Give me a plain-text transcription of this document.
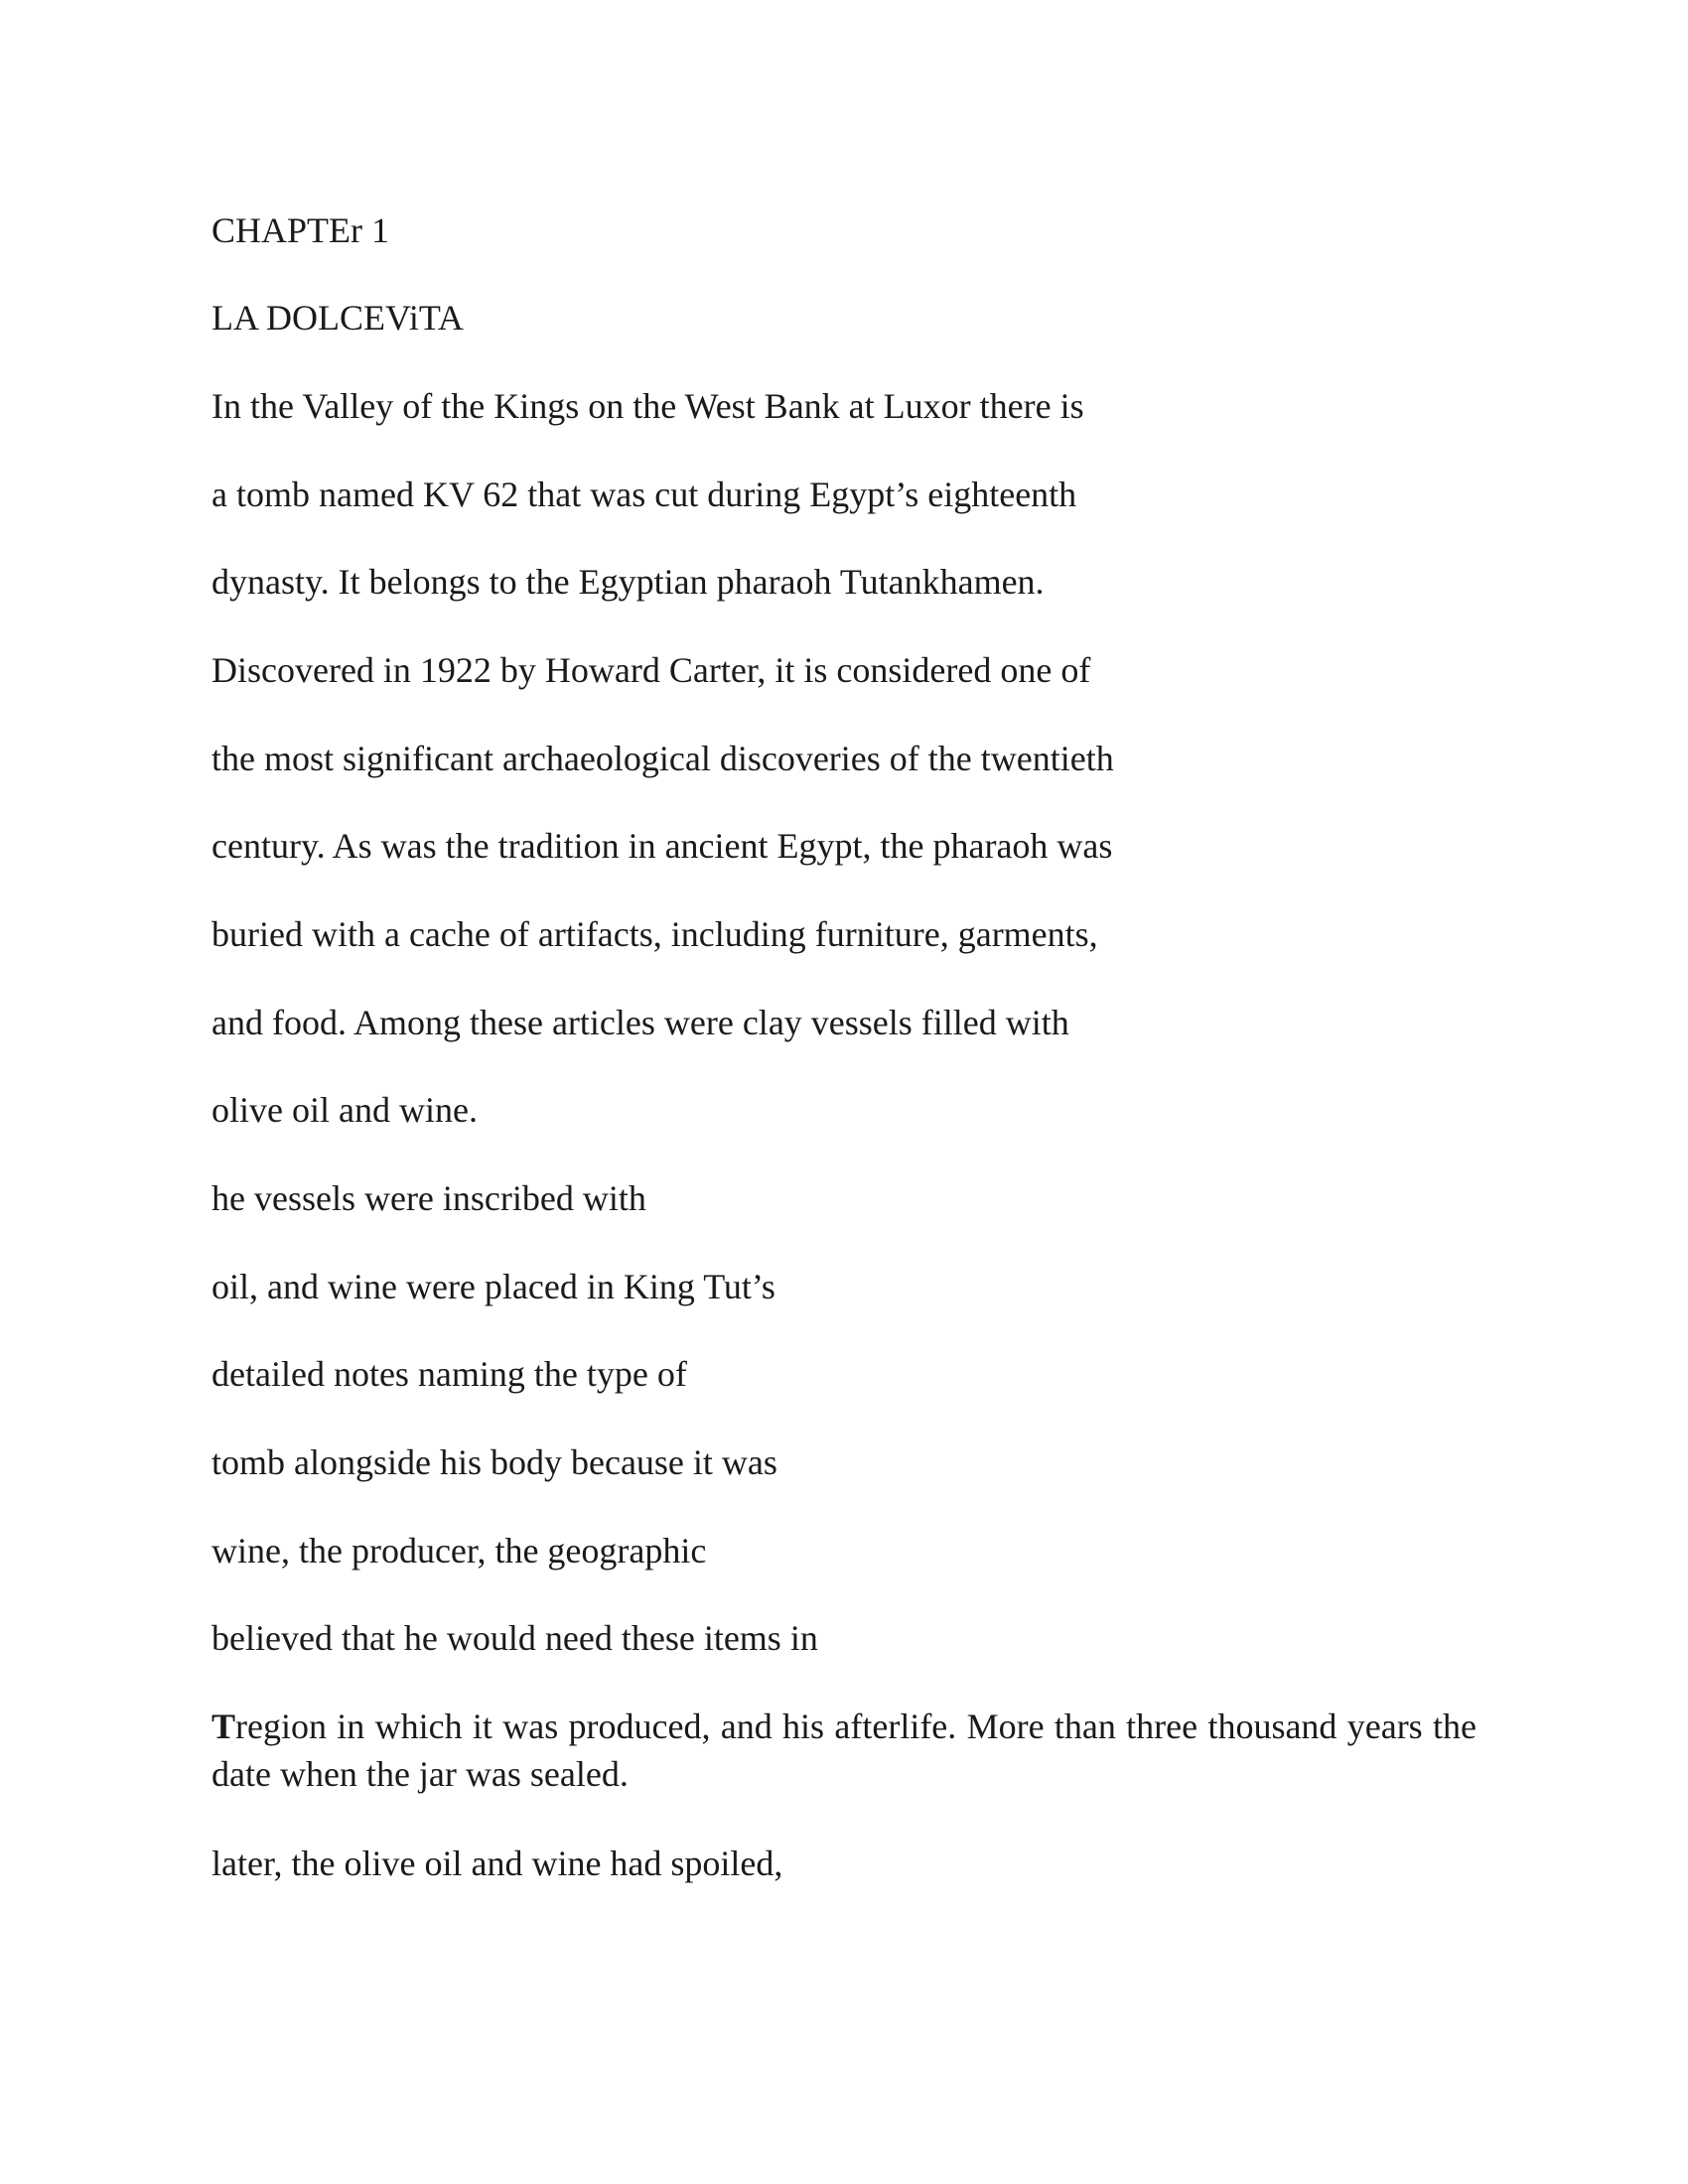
CHAPTEr 1

LA DOLCEViTA

In the Valley of the Kings on the West Bank at Luxor there is

a tomb named KV 62 that was cut during Egypt’s eighteenth

dynasty. It belongs to the Egyptian pharaoh Tutankhamen.

Discovered in 1922 by Howard Carter, it is considered one of

the most significant archaeological discoveries of the twentieth

century. As was the tradition in ancient Egypt, the pharaoh was

buried with a cache of artifacts, including furniture, garments,

and food. Among these articles were clay vessels filled with

olive oil and wine.

he vessels were inscribed with

oil, and wine were placed in King Tut’s

detailed notes naming the type of

tomb alongside his body because it was

wine, the producer, the geographic

believed that he would need these items in

Tregion in which it was produced, and his afterlife. More than three thousand years the date when the jar was sealed.

later, the olive oil and wine had spoiled,
